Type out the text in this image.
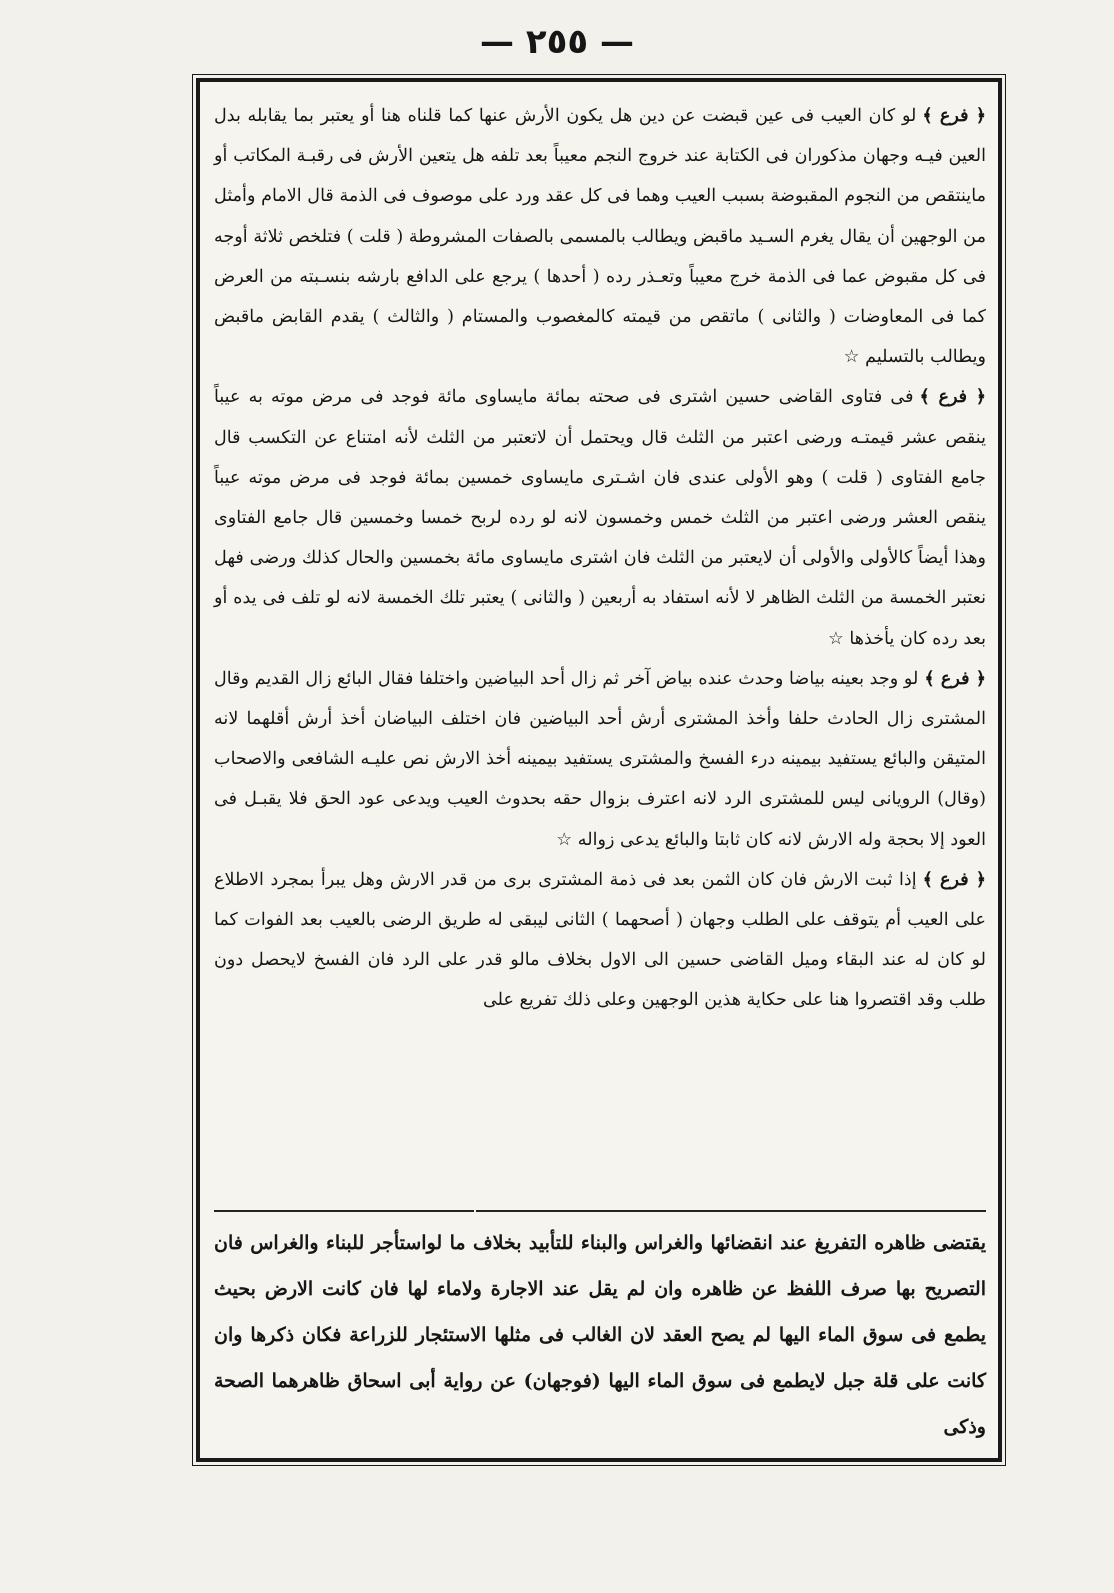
— ٢٥٥ —

﴿ فرع ﴾لو كان العيب فى عين قبضت عن دين هل يكون الأرش عنها كما قلناه هنا أو يعتبر بما يقابله بدل العين فيـه وجهان مذكوران فى الكتابة عند خروج النجم معيباً بعد تلفه هل يتعين الأرش فى رقبـة المكاتب أو ماينتقص من النجوم المقبوضة بسبب العيب وهما فى كل عقد ورد على موصوف فى الذمة قال الامام وأمثل من الوجهين أن يقال يغرم السـيد ماقبض ويطالب بالمسمى بالصفات المشروطة ( قلت ) فتلخص ثلاثة أوجه فى كل مقبوض عما فى الذمة خرج معيباً وتعـذر رده ( أحدها ) يرجع على الدافع بارشه بنسـبته من العرض كما فى المعاوضات ( والثانى ) ماتقص من قيمته كالمغصوب والمستام ( والثالث ) يقدم القابض ماقبض ويطالب بالتسليم ☆

﴿ فرع ﴾فى فتاوى القاضى حسين اشترى فى صحته بمائة مايساوى مائة فوجد فى مرض موته به عيباً ينقص عشر قيمتـه ورضى اعتبر من الثلث قال ويحتمل أن لاتعتبر من الثلث لأنه امتناع عن التكسب قال جامع الفتاوى ( قلت ) وهو الأولى عندى فان اشـترى مايساوى خمسين بمائة فوجد فى مرض موته عيباً ينقص العشر ورضى اعتبر من الثلث خمس وخمسون لانه لو رده لربح خمسا وخمسين قال جامع الفتاوى وهذا أيضاً كالأولى والأولى أن لايعتبر من الثلث فان اشترى مايساوى مائة بخمسين والحال كذلك ورضى فهل نعتبر الخمسة من الثلث الظاهر لا لأنه استفاد به أربعين ( والثانى ) يعتبر تلك الخمسة لانه لو تلف فى يده أو بعد رده كان يأخذها ☆

﴿ فرع ﴾لو وجد بعينه بياضا وحدث عنده بياض آخر ثم زال أحد البياضين واختلفا فقال البائع زال القديم وقال المشترى زال الحادث حلفا وأخذ المشترى أرش أحد البياضين فان اختلف البياضان أخذ أرش أقلهما لانه المتيقن والبائع يستفيد بيمينه درء الفسخ والمشترى يستفيد بيمينه أخذ الارش نص عليـه الشافعى والاصحاب (وقال) الرويانى ليس للمشترى الرد لانه اعترف بزوال حقه بحدوث العيب ويدعى عود الحق فلا يقبـل فى العود إلا بحجة وله الارش لانه كان ثابتا والبائع يدعى زواله ☆

﴿ فرع ﴾إذا ثبت الارش فان كان الثمن بعد فى ذمة المشترى برى من قدر الارش وهل يبرأ بمجرد الاطلاع على العيب أم يتوقف على الطلب وجهان ( أصحهما ) الثانى ليبقى له طريق الرضى بالعيب بعد الفوات كما لو كان له عند البقاء وميل القاضى حسين الى الاول بخلاف مالو قدر على الرد فان الفسخ لايحصل دون طلب وقد اقتصروا هنا على حكاية هذين الوجهين وعلى ذلك تفريع على

يقتضى ظاهره التفريغ عند انقضائها والغراس والبناء للتأبيد بخلاف ما لواستأجر للبناء والغراس فان التصريح بها صرف اللفظ عن ظاهره وان لم يقل عند الاجارة ولاماء لها فان كانت الارض بحيث يطمع فى سوق الماء اليها لم يصح العقد لان الغالب فى مثلها الاستئجار للزراعة فكان ذكرها وان كانت على قلة جبل لايطمع فى سوق الماء اليها (فوجهان) عن رواية أبى اسحاق ظاهرهما الصحة وذكى
